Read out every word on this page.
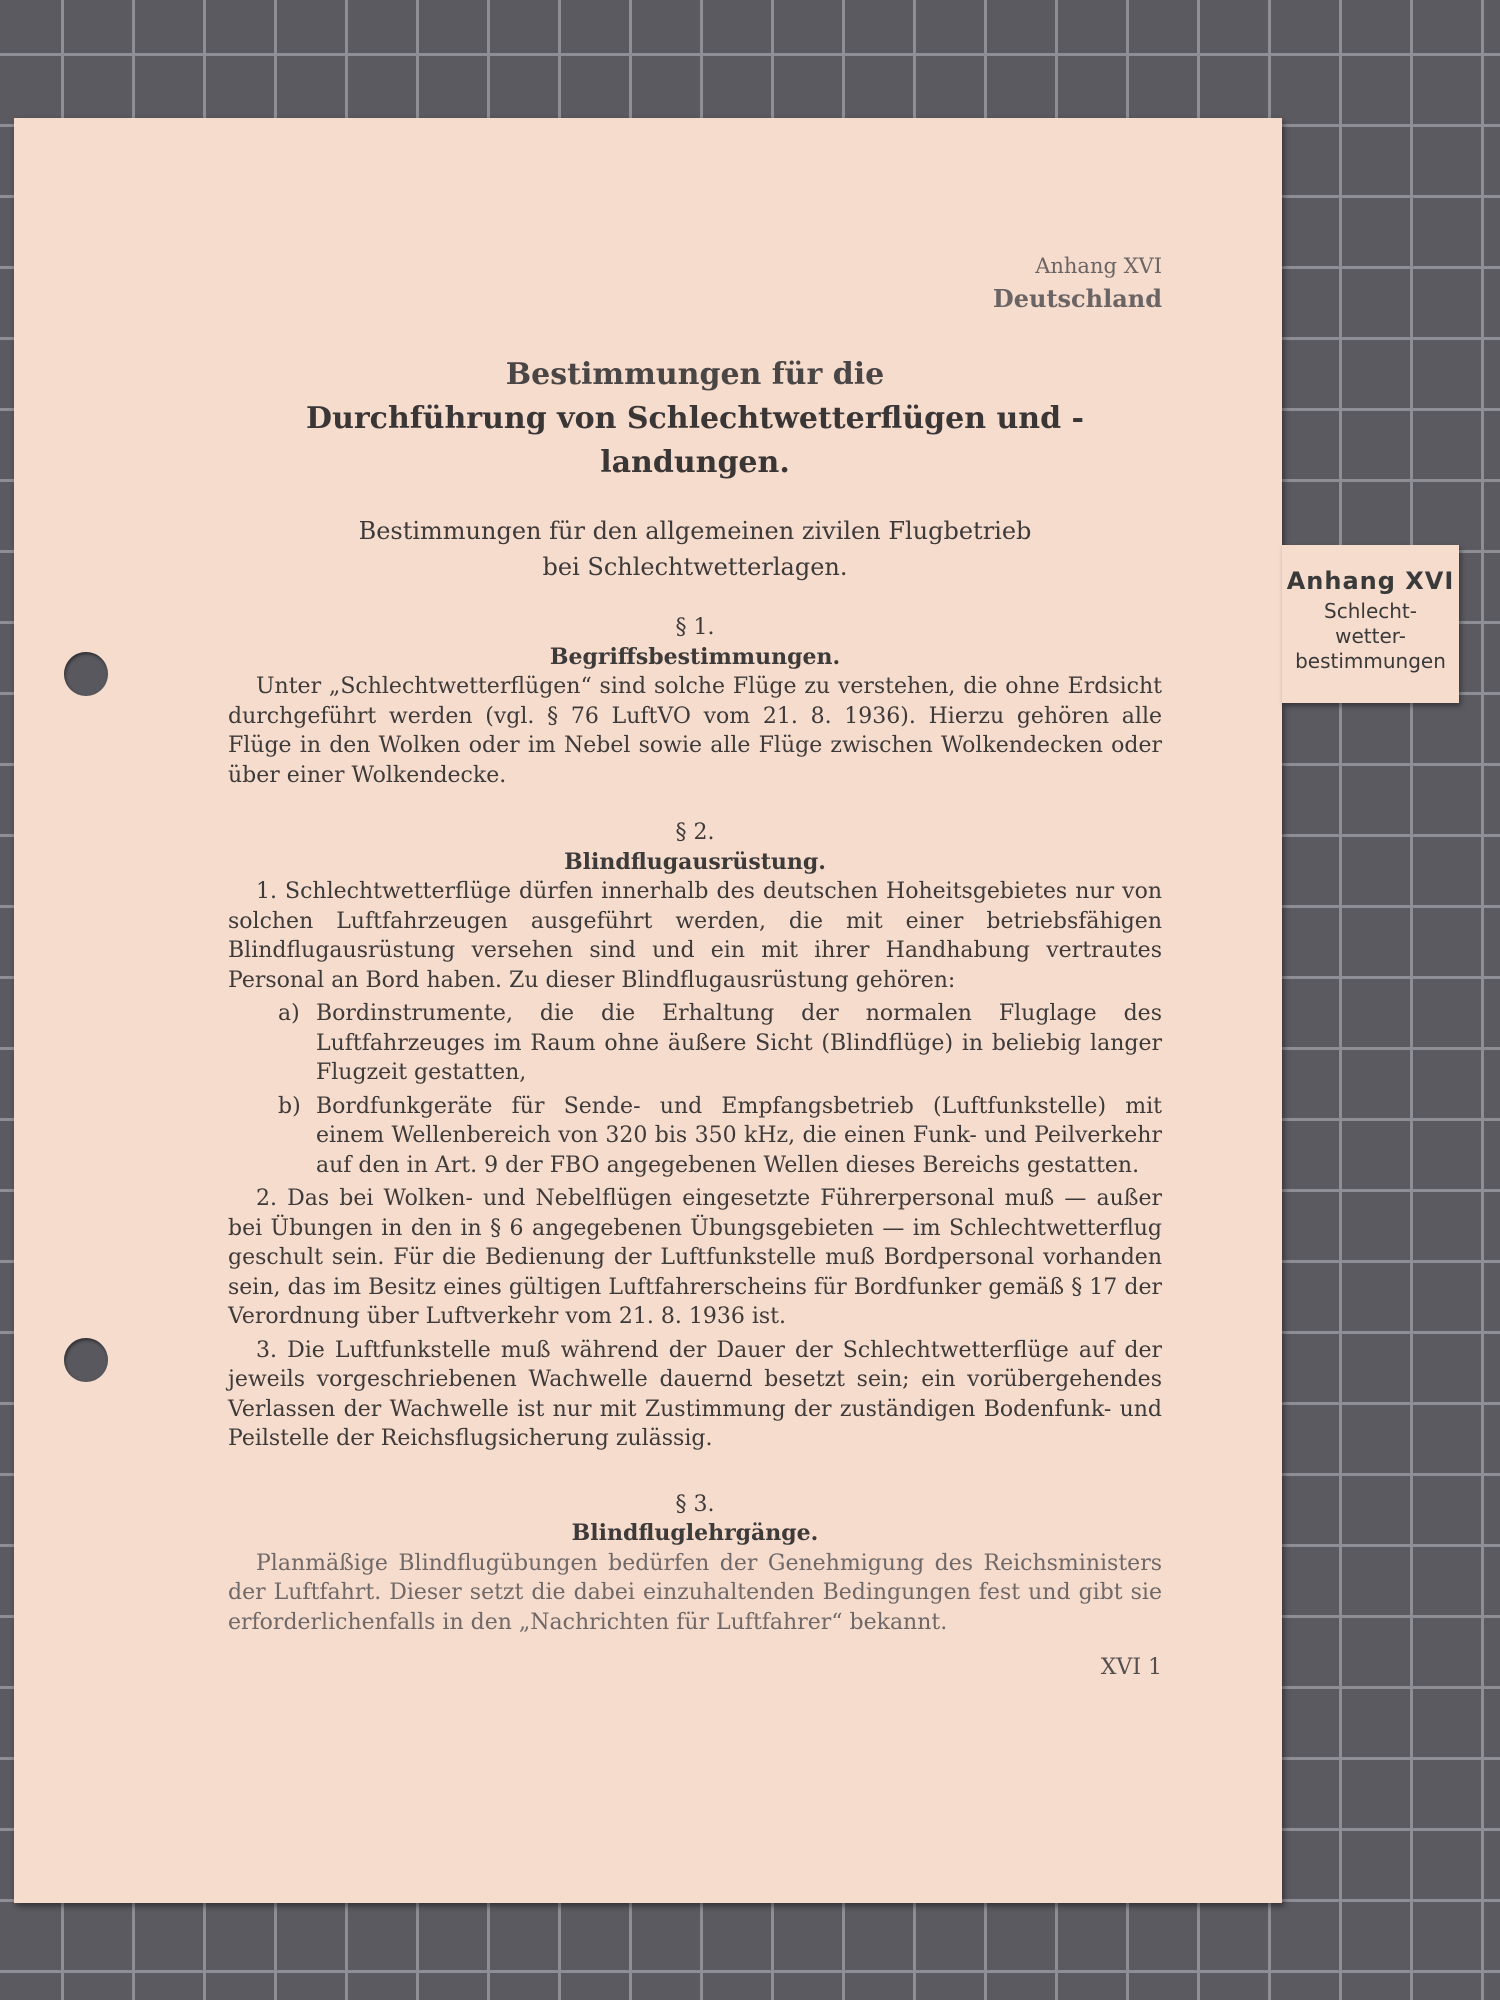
Anhang XVI
Schlecht-
wetter-
bestimmungen
Anhang XVI
Deutschland
Bestimmungen für die
Durchführung von Schlechtwetterflügen und -landungen.
Bestimmungen für den allgemeinen zivilen Flugbetrieb
bei Schlechtwetterlagen.
§ 1.
Begriffsbestimmungen.

Unter „Schlechtwetterflügen“ sind solche Flüge zu verstehen, die ohne Erdsicht durchgeführt werden (vgl. § 76 LuftVO vom 21. 8. 1936). Hierzu gehören alle Flüge in den Wolken oder im Nebel sowie alle Flüge zwischen Wolkendecken oder über einer Wolkendecke.

§ 2.
Blindflugausrüstung.

1. Schlechtwetterflüge dürfen innerhalb des deutschen Hoheitsgebietes nur von solchen Luftfahrzeugen ausgeführt werden, die mit einer betriebsfähigen Blindflugausrüstung versehen sind und ein mit ihrer Handhabung vertrautes Personal an Bord haben. Zu dieser Blindflugausrüstung gehören:

a) Bordinstrumente, die die Erhaltung der normalen Fluglage des Luftfahrzeuges im Raum ohne äußere Sicht (Blindflüge) in beliebig langer Flugzeit gestatten,
b) Bordfunkgeräte für Sende- und Empfangsbetrieb (Luftfunkstelle) mit einem Wellenbereich von 320 bis 350 kHz, die einen Funk- und Peilverkehr auf den in Art. 9 der FBO angegebenen Wellen dieses Bereichs gestatten.

2. Das bei Wolken- und Nebelflügen eingesetzte Führerpersonal muß — außer bei Übungen in den in § 6 angegebenen Übungsgebieten — im Schlechtwetterflug geschult sein. Für die Bedienung der Luftfunkstelle muß Bordpersonal vorhanden sein, das im Besitz eines gültigen Luftfahrerscheins für Bordfunker gemäß § 17 der Verordnung über Luftverkehr vom 21. 8. 1936 ist.

3. Die Luftfunkstelle muß während der Dauer der Schlechtwetterflüge auf der jeweils vorgeschriebenen Wachwelle dauernd besetzt sein; ein vorübergehendes Verlassen der Wachwelle ist nur mit Zustimmung der zuständigen Bodenfunk- und Peilstelle der Reichsflugsicherung zulässig.

§ 3.
Blindfluglehrgänge.

Planmäßige Blindflugübungen bedürfen der Genehmigung des Reichsministers der Luftfahrt. Dieser setzt die dabei einzuhaltenden Bedingungen fest und gibt sie erforderlichenfalls in den „Nachrichten für Luftfahrer“ bekannt.

XVI 1
